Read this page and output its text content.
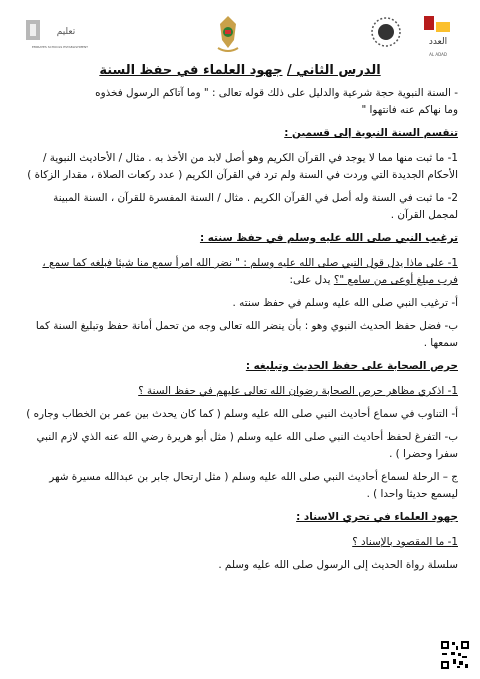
تعليم
EMIRATES SCHOOLS ESTABLISHMENT	العدد
AL ADAD
الدرس الثاني / جهود العلماء في حفظ السنة

- السنة النبوية حجة شرعية والدليل على ذلك قوله تعالى : " وما آتاكم الرسول فخذوه
وما نهاكم عنه فانتهوا "

تنقسم السنة النبوية إلى قسمين :

1- ما ثبت منها مما لا يوجد في القرآن الكريم وهو أصل لابد من الأخذ به . مثال / الأحاديث النبوية / الأحكام الجديدة التي وردت في السنة ولم ترد في القرآن الكريم ( عدد ركعات الصلاة ، مقدار الزكاة )

2- ما ثبت في السنة وله أصل في القرآن الكريم . مثال / السنة المفسرة للقرآن ، السنة المبينة لمجمل القرآن .

ترغيب النبي صلى الله عليه وسلم في حفظ سنته :

1- على ماذا يدل قول النبي صلى الله عليه وسلم : " نضر الله امرأ سمع منا شيئا فبلغه كما سمع ، فرب مبلغ أوعى من سامع "؟ يدل على:

أ- ترغيب النبي صلى الله عليه وسلم في حفظ سنته .

ب- فضل حفظ الحديث النبوي وهو : بأن ينضر الله تعالى وجه من تحمل أمانة حفظ وتبليغ السنة كما سمعها .

حرص الصحابة على حفظ الحديث وتبليغه :

1- اذكري مظاهر حرص الصحابة رضوان الله تعالى عليهم في حفظ السنة ؟

أ- التناوب في سماع أحاديث النبي صلى الله عليه وسلم ( كما كان يحدث بين عمر بن الخطاب وجاره )

ب- التفرغ لحفظ أحاديث النبي صلى الله عليه وسلم ( مثل أبو هريرة رضي الله عنه الذي لازم النبي سفرا وحضرا ) .

ج – الرحلة لسماع أحاديث النبي صلى الله عليه وسلم ( مثل ارتحال جابر بن عبدالله مسيرة شهر ليسمع حديثا واحدا ) .

جهود العلماء في تحري الاسناد :

1- ما المقصود بالإسناد ؟

سلسلة رواة الحديث إلى الرسول صلى الله عليه وسلم .
